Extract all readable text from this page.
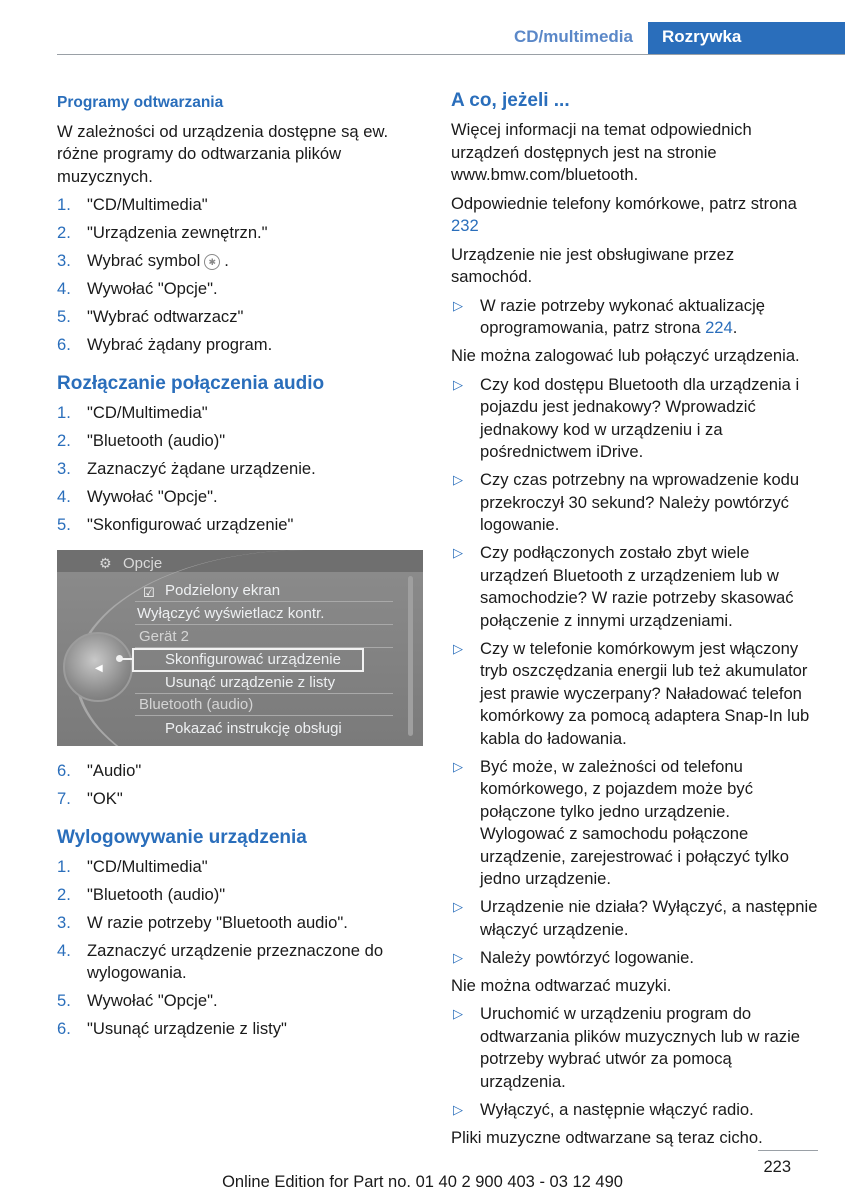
CD/multimedia	Rozrywka
Programy odtwarzania

W zależności od urządzenia dostępne są ew. różne programy do odtwarzania plików muzycznych.

1. "CD/Multimedia"
2. "Urządzenia zewnętrzn."
3. Wybrać symbol ✱ .
4. Wywołać "Opcje".
5. "Wybrać odtwarzacz"
6. Wybrać żądany program.
Rozłączanie połączenia audio
1. "CD/Multimedia"
2. "Bluetooth (audio)"
3. Zaznaczyć żądane urządzenie.
4. Wywołać "Opcje".
5. "Skonfigurować urządzenie"
⚙ Opcje
◀
☑ Podzielony ekran
Wyłączyć wyświetlacz kontr.
Gerät 2
Skonfigurować urządzenie
Usunąć urządzenie z listy
Bluetooth (audio)
Pokazać instrukcję obsługi
6. "Audio"
7. "OK"
Wylogowywanie urządzenia
1. "CD/Multimedia"
2. "Bluetooth (audio)"
3. W razie potrzeby "Bluetooth audio".
4. Zaznaczyć urządzenie przeznaczone do wylogowania.
5. Wywołać "Opcje".
6. "Usunąć urządzenie z listy"
A co, jeżeli ...

Więcej informacji na temat odpowiednich urządzeń dostępnych jest na stronie www.bmw.com/bluetooth.

Odpowiednie telefony komórkowe, patrz strona 232

Urządzenie nie jest obsługiwane przez samochód.

▷ W razie potrzeby wykonać aktualizację oprogramowania, patrz strona 224.

Nie można zalogować lub połączyć urządzenia.

▷ Czy kod dostępu Bluetooth dla urządzenia i pojazdu jest jednakowy? Wprowadzić jednakowy kod w urządzeniu i za pośrednictwem iDrive.
▷ Czy czas potrzebny na wprowadzenie kodu przekroczył 30 sekund? Należy powtórzyć logowanie.
▷ Czy podłączonych zostało zbyt wiele urządzeń Bluetooth z urządzeniem lub w samochodzie? W razie potrzeby skasować połączenie z innymi urządzeniami.
▷ Czy w telefonie komórkowym jest włączony tryb oszczędzania energii lub też akumulator jest prawie wyczerpany? Naładować telefon komórkowy za pomocą adaptera Snap-In lub kabla do ładowania.
▷ Być może, w zależności od telefonu komórkowego, z pojazdem może być połączone tylko jedno urządzenie. Wylogować z samochodu połączone urządzenie, zarejestrować i połączyć tylko jedno urządzenie.
▷ Urządzenie nie działa? Wyłączyć, a następnie włączyć urządzenie.
▷ Należy powtórzyć logowanie.

Nie można odtwarzać muzyki.

▷ Uruchomić w urządzeniu program do odtwarzania plików muzycznych lub w razie potrzeby wybrać utwór za pomocą urządzenia.
▷ Wyłączyć, a następnie włączyć radio.

Pliki muzyczne odtwarzane są teraz cicho.

223
Online Edition for Part no. 01 40 2 900 403 - 03 12 490
